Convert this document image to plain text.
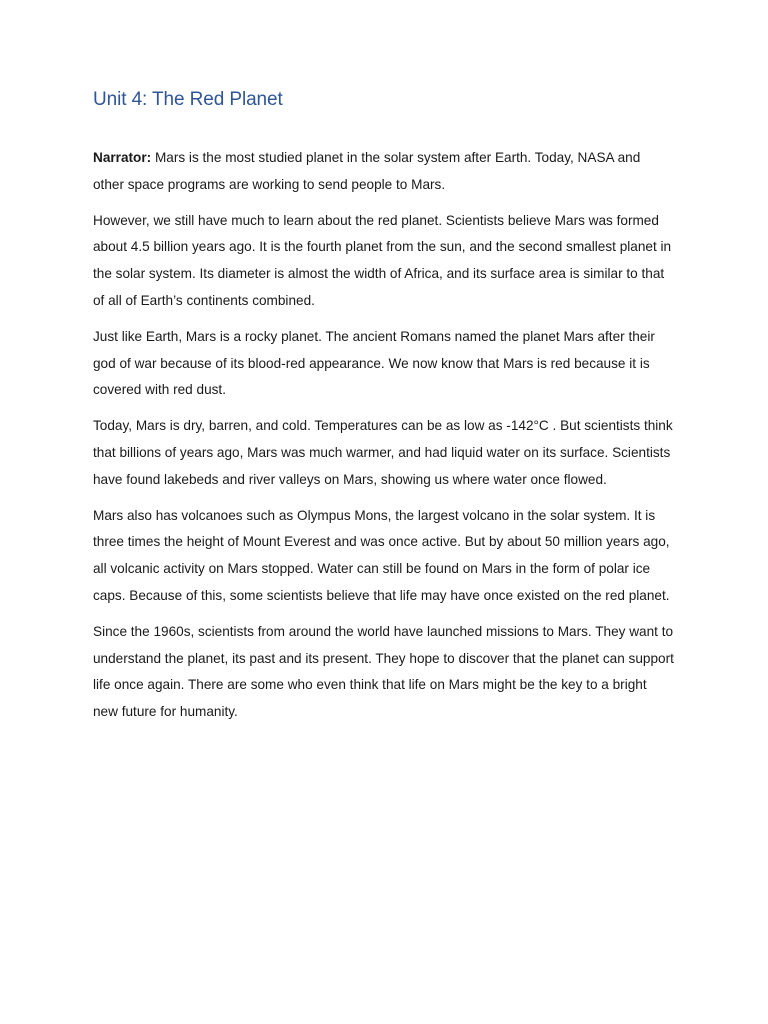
Unit 4: The Red Planet

Narrator: Mars is the most studied planet in the solar system after Earth. Today, NASA and other space programs are working to send people to Mars.

However, we still have much to learn about the red planet. Scientists believe Mars was formed about 4.5 billion years ago. It is the fourth planet from the sun, and the second smallest planet in the solar system. Its diameter is almost the width of Africa, and its surface area is similar to that of all of Earth’s continents combined.

Just like Earth, Mars is a rocky planet. The ancient Romans named the planet Mars after their god of war because of its blood-red appearance. We now know that Mars is red because it is covered with red dust.

Today, Mars is dry, barren, and cold. Temperatures can be as low as -142°C . But scientists think that billions of years ago, Mars was much warmer, and had liquid water on its surface. Scientists have found lakebeds and river valleys on Mars, showing us where water once flowed.

Mars also has volcanoes such as Olympus Mons, the largest volcano in the solar system. It is three times the height of Mount Everest and was once active. But by about 50 million years ago, all volcanic activity on Mars stopped. Water can still be found on Mars in the form of polar ice caps. Because of this, some scientists believe that life may have once existed on the red planet.

Since the 1960s, scientists from around the world have launched missions to Mars. They want to understand the planet, its past and its present. They hope to discover that the planet can support life once again. There are some who even think that life on Mars might be the key to a bright new future for humanity.
